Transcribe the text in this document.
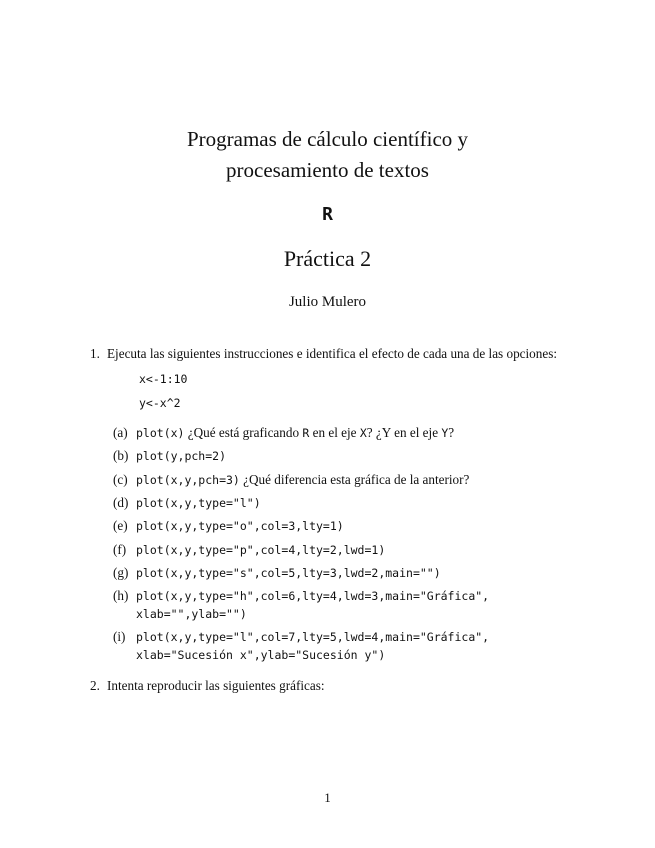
Programas de cálculo científico y
procesamiento de textos
R
Práctica 2
Julio Mulero
1. Ejecuta las siguientes instrucciones e identifica el efecto de cada una de las opciones:
x<-1:10
y<-x^2
(a) plot(x) ¿Qué está graficando R en el eje X? ¿Y en el eje Y?
(b) plot(y,pch=2)
(c) plot(x,y,pch=3) ¿Qué diferencia esta gráfica de la anterior?
(d) plot(x,y,type="l")
(e) plot(x,y,type="o",col=3,lty=1)
(f) plot(x,y,type="p",col=4,lty=2,lwd=1)
(g) plot(x,y,type="s",col=5,lty=3,lwd=2,main="")
(h) plot(x,y,type="h",col=6,lty=4,lwd=3,main="Gráfica",
xlab="",ylab="")
(i) plot(x,y,type="l",col=7,lty=5,lwd=4,main="Gráfica",
xlab="Sucesión x",ylab="Sucesión y")
2. Intenta reproducir las siguientes gráficas:
1
